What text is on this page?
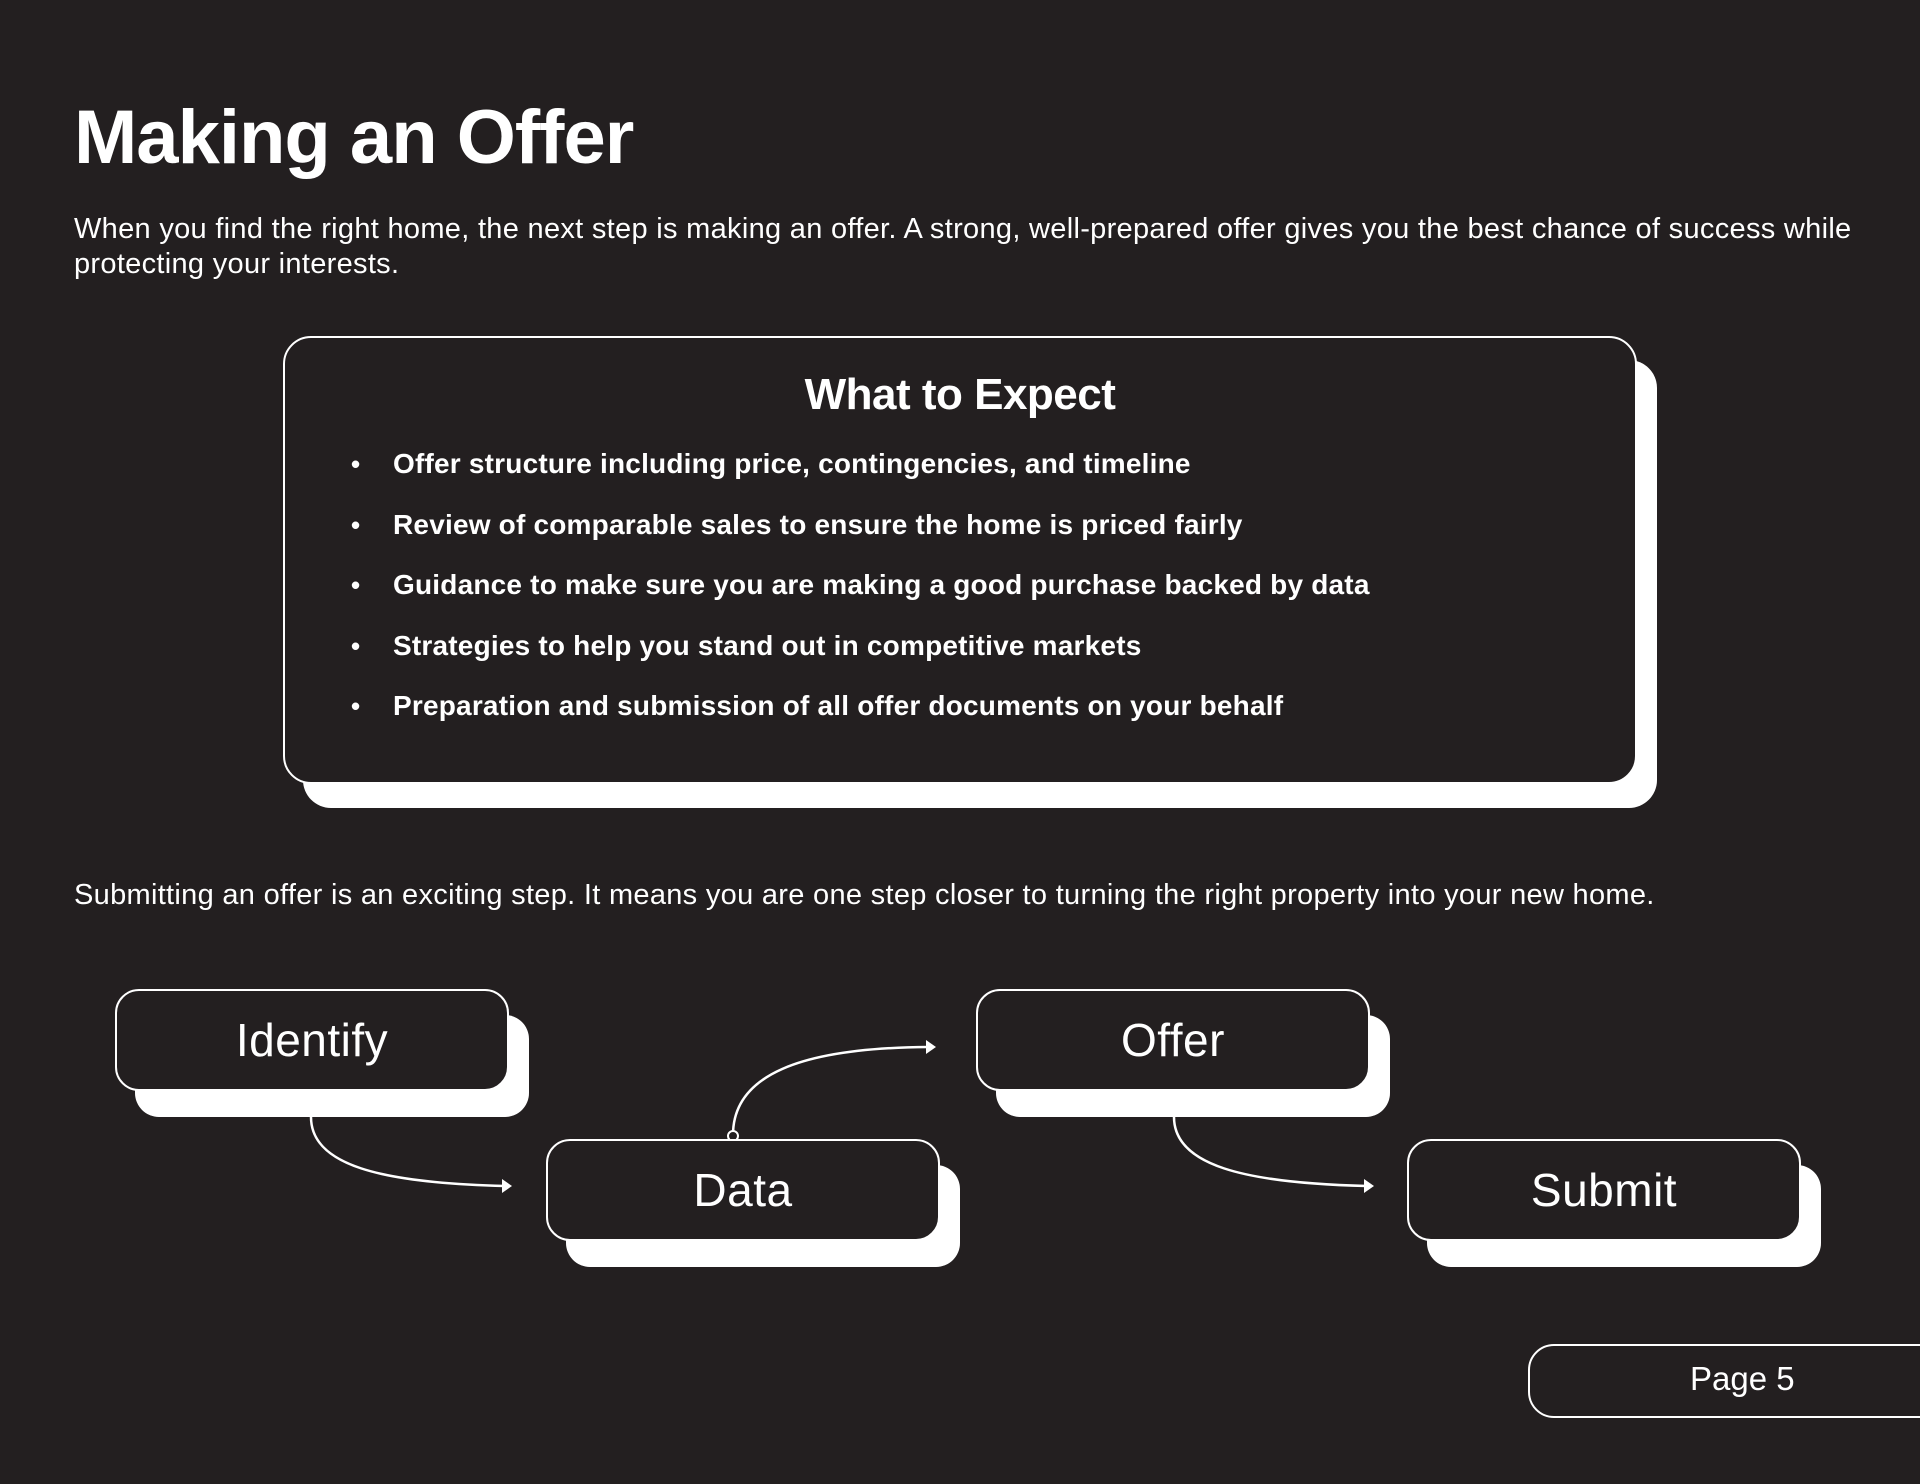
Making an Offer

When you find the right home, the next step is making an offer. A strong, well-prepared offer gives you the best chance of success while protecting your interests.

What to Expect
• Offer structure including price, contingencies, and timeline
• Review of comparable sales to ensure the home is priced fairly
• Guidance to make sure you are making a good purchase backed by data
• Strategies to help you stand out in competitive markets
• Preparation and submission of all offer documents on your behalf

Submitting an offer is an exciting step. It means you are one step closer to turning the right property into your new home.

Identify
Data
Offer
Submit
Page 5
